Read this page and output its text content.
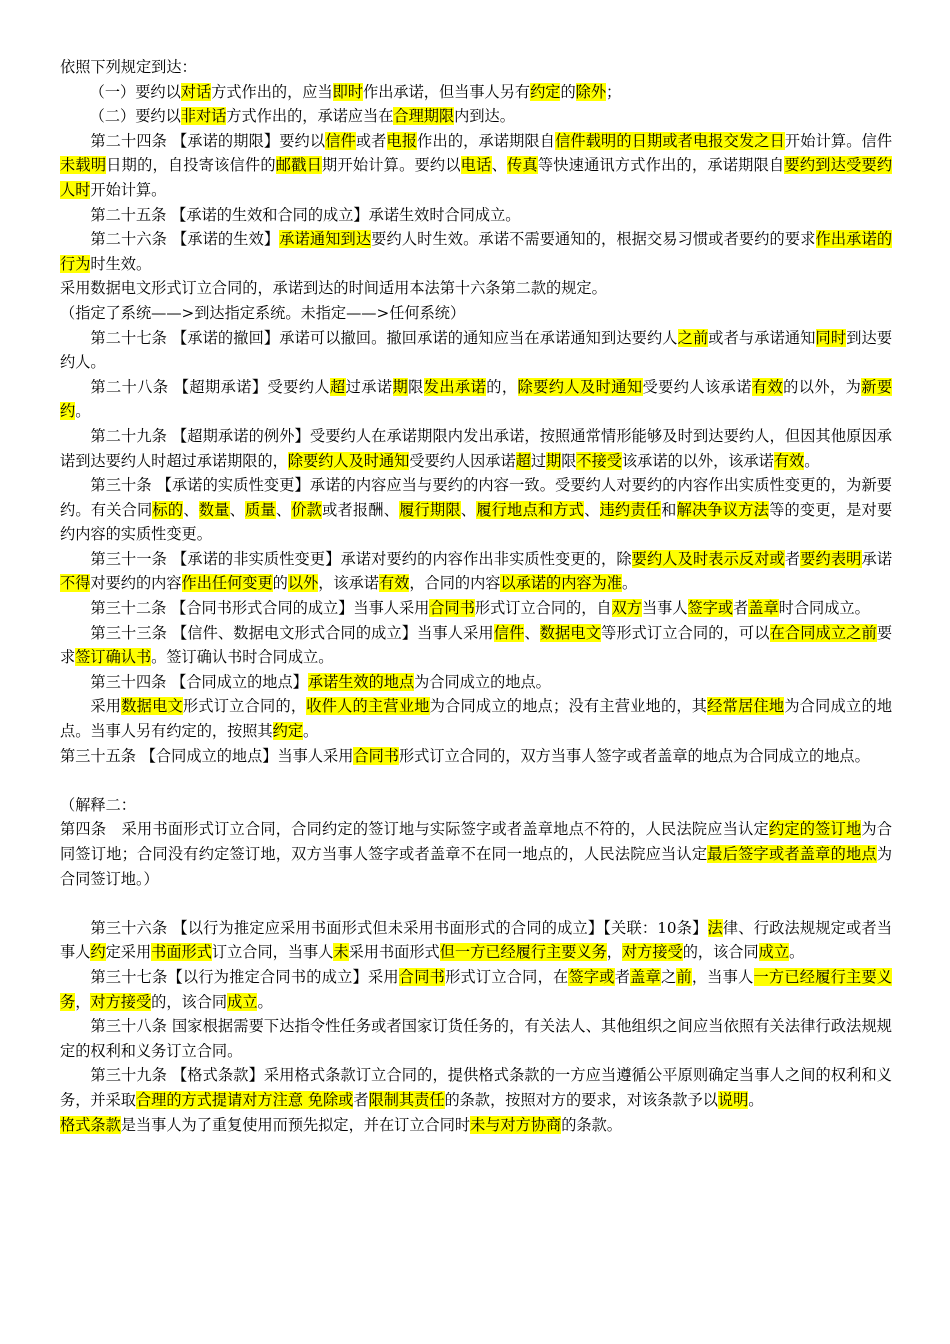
依照下列规定到达：

（一）要约以对话方式作出的，应当即时作出承诺，但当事人另有约定的除外；

（二）要约以非对话方式作出的，承诺应当在合理期限内到达。

第二十四条 【承诺的期限】要约以信件或者电报作出的，承诺期限自信件载明的日期或者电报交发之日开始计算。信件未载明日期的，自投寄该信件的邮戳日期开始计算。要约以电话、传真等快速通讯方式作出的，承诺期限自要约到达受要约人时开始计算。

第二十五条 【承诺的生效和合同的成立】承诺生效时合同成立。

第二十六条 【承诺的生效】承诺通知到达要约人时生效。承诺不需要通知的，根据交易习惯或者要约的要求作出承诺的行为时生效。

采用数据电文形式订立合同的，承诺到达的时间适用本法第十六条第二款的规定。

（指定了系统——>到达指定系统。未指定——>任何系统）

第二十七条 【承诺的撤回】承诺可以撤回。撤回承诺的通知应当在承诺通知到达要约人之前或者与承诺通知同时到达要约人。

第二十八条 【超期承诺】受要约人超过承诺期限发出承诺的，除要约人及时通知受要约人该承诺有效的以外，为新要约。

第二十九条 【超期承诺的例外】受要约人在承诺期限内发出承诺，按照通常情形能够及时到达要约人，但因其他原因承诺到达要约人时超过承诺期限的，除要约人及时通知受要约人因承诺超过期限不接受该承诺的以外，该承诺有效。

第三十条 【承诺的实质性变更】承诺的内容应当与要约的内容一致。受要约人对要约的内容作出实质性变更的，为新要约。有关合同标的、数量、质量、价款或者报酬、履行期限、履行地点和方式、违约责任和解决争议方法等的变更，是对要约内容的实质性变更。

第三十一条 【承诺的非实质性变更】承诺对要约的内容作出非实质性变更的，除要约人及时表示反对或者要约表明承诺不得对要约的内容作出任何变更的以外，该承诺有效，合同的内容以承诺的内容为准。

第三十二条 【合同书形式合同的成立】当事人采用合同书形式订立合同的，自双方当事人签字或者盖章时合同成立。

第三十三条 【信件、数据电文形式合同的成立】当事人采用信件、数据电文等形式订立合同的，可以在合同成立之前要求签订确认书。签订确认书时合同成立。

第三十四条 【合同成立的地点】承诺生效的地点为合同成立的地点。

采用数据电文形式订立合同的，收件人的主营业地为合同成立的地点；没有主营业地的，其经常居住地为合同成立的地点。当事人另有约定的，按照其约定。

第三十五条 【合同成立的地点】当事人采用合同书形式订立合同的，双方当事人签字或者盖章的地点为合同成立的地点。

（解释二：

第四条　采用书面形式订立合同，合同约定的签订地与实际签字或者盖章地点不符的，人民法院应当认定约定的签订地为合同签订地；合同没有约定签订地，双方当事人签字或者盖章不在同一地点的，人民法院应当认定最后签字或者盖章的地点为合同签订地。）

第三十六条 【以行为推定应采用书面形式但未采用书面形式的合同的成立】【关联：10条】法律、行政法规规定或者当事人约定采用书面形式订立合同，当事人未采用书面形式但一方已经履行主要义务，对方接受的，该合同成立。

第三十七条【以行为推定合同书的成立】采用合同书形式订立合同，在签字或者盖章之前，当事人一方已经履行主要义务，对方接受的，该合同成立。

第三十八条 国家根据需要下达指令性任务或者国家订货任务的，有关法人、其他组织之间应当依照有关法律行政法规规定的权利和义务订立合同。

第三十九条 【格式条款】采用格式条款订立合同的，提供格式条款的一方应当遵循公平原则确定当事人之间的权利和义务，并采取合理的方式提请对方注意 免除或者限制其责任的条款，按照对方的要求，对该条款予以说明。

格式条款是当事人为了重复使用而预先拟定，并在订立合同时未与对方协商的条款。
